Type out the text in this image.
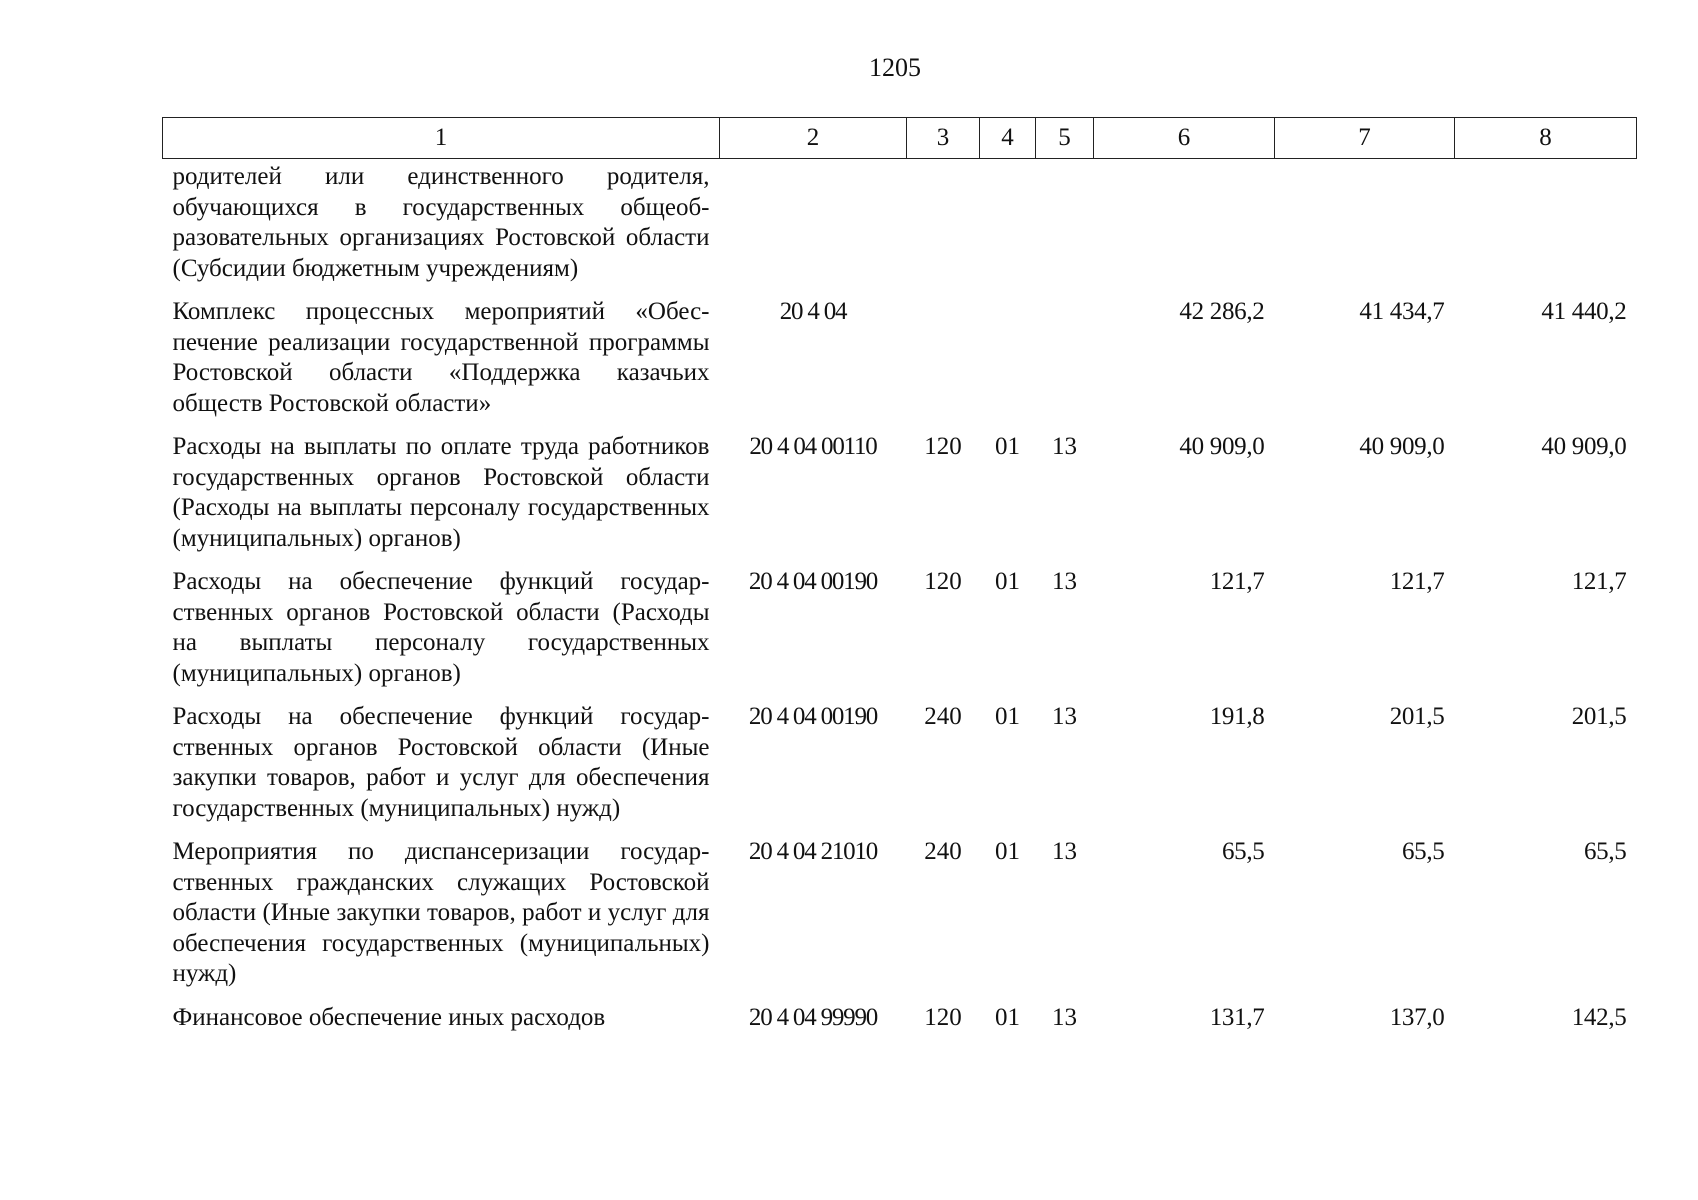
1205
1	2	3	4	5	6	7	8
родителей или единственного родителя, обучающихся в государственных общеобразовательных организациях Ростовской области (Субсидии бюджетным учреждениям)							
Комплекс процессных мероприятий «Обеспечение реализации государственной программы Ростовской области «Поддержка казачьих обществ Ростовской области»	20 4 04				42 286,2	41 434,7	41 440,2
Расходы на выплаты по оплате труда работников государственных органов Ростовской области (Расходы на выплаты персоналу государственных (муниципальных) органов)	20 4 04 00110	120	01	13	40 909,0	40 909,0	40 909,0
Расходы на обеспечение функций государственных органов Ростовской области (Расходы на выплаты персоналу государственных (муниципальных) органов)	20 4 04 00190	120	01	13	121,7	121,7	121,7
Расходы на обеспечение функций государственных органов Ростовской области (Иные закупки товаров, работ и услуг для обеспечения государственных (муниципальных) нужд)	20 4 04 00190	240	01	13	191,8	201,5	201,5
Мероприятия по диспансеризации государственных гражданских служащих Ростовской области (Иные закупки товаров, работ и услуг для обеспечения государственных (муниципальных) нужд)	20 4 04 21010	240	01	13	65,5	65,5	65,5
Финансовое обеспечение иных расходов	20 4 04 99990	120	01	13	131,7	137,0	142,5
